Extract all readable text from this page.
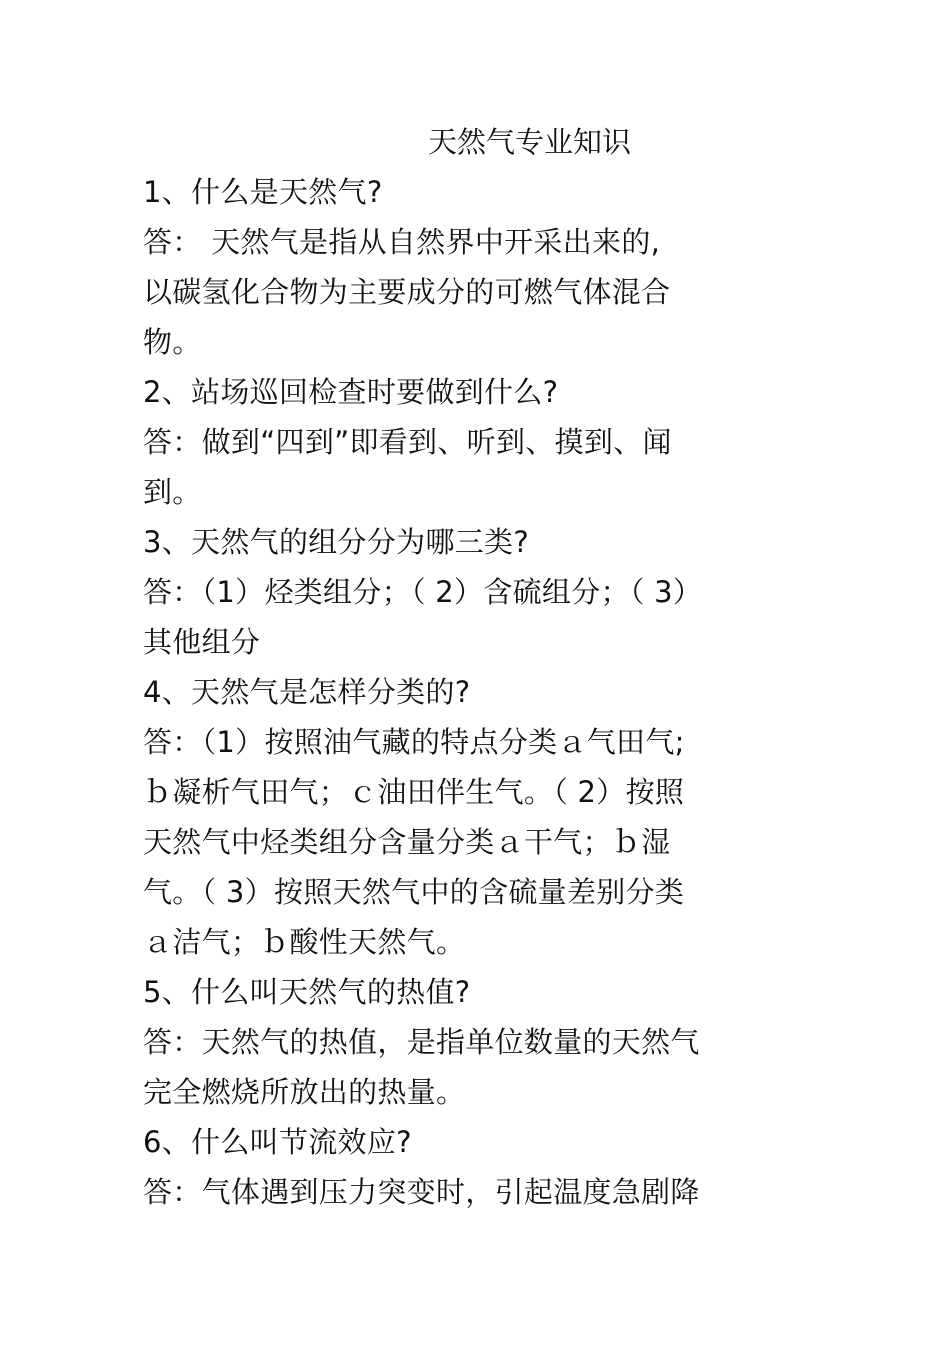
天然气专业知识
1、什么是天然气?
答： 天然气是指从自然界中开采出来的,
以碳氢化合物为主要成分的可燃气体混合
物。
2、站场巡回检查时要做到什么?
答：做到“四到”即看到、听到、摸到、闻
到。
3、天然气的组分分为哪三类?
答：（1）烃类组分；（ 2）含硫组分；（ 3）
其他组分
4、天然气是怎样分类的?
答：（1）按照油气藏的特点分类ａ气田气;
ｂ凝析气田气；ｃ油田伴生气。（ 2）按照
天然气中烃类组分含量分类ａ干气；ｂ湿
气。（ 3）按照天然气中的含硫量差别分类
ａ洁气；ｂ酸性天然气。
5、什么叫天然气的热值?
答：天然气的热值，是指单位数量的天然气
完全燃烧所放出的热量。
6、什么叫节流效应?
答：气体遇到压力突变时，引起温度急剧降
